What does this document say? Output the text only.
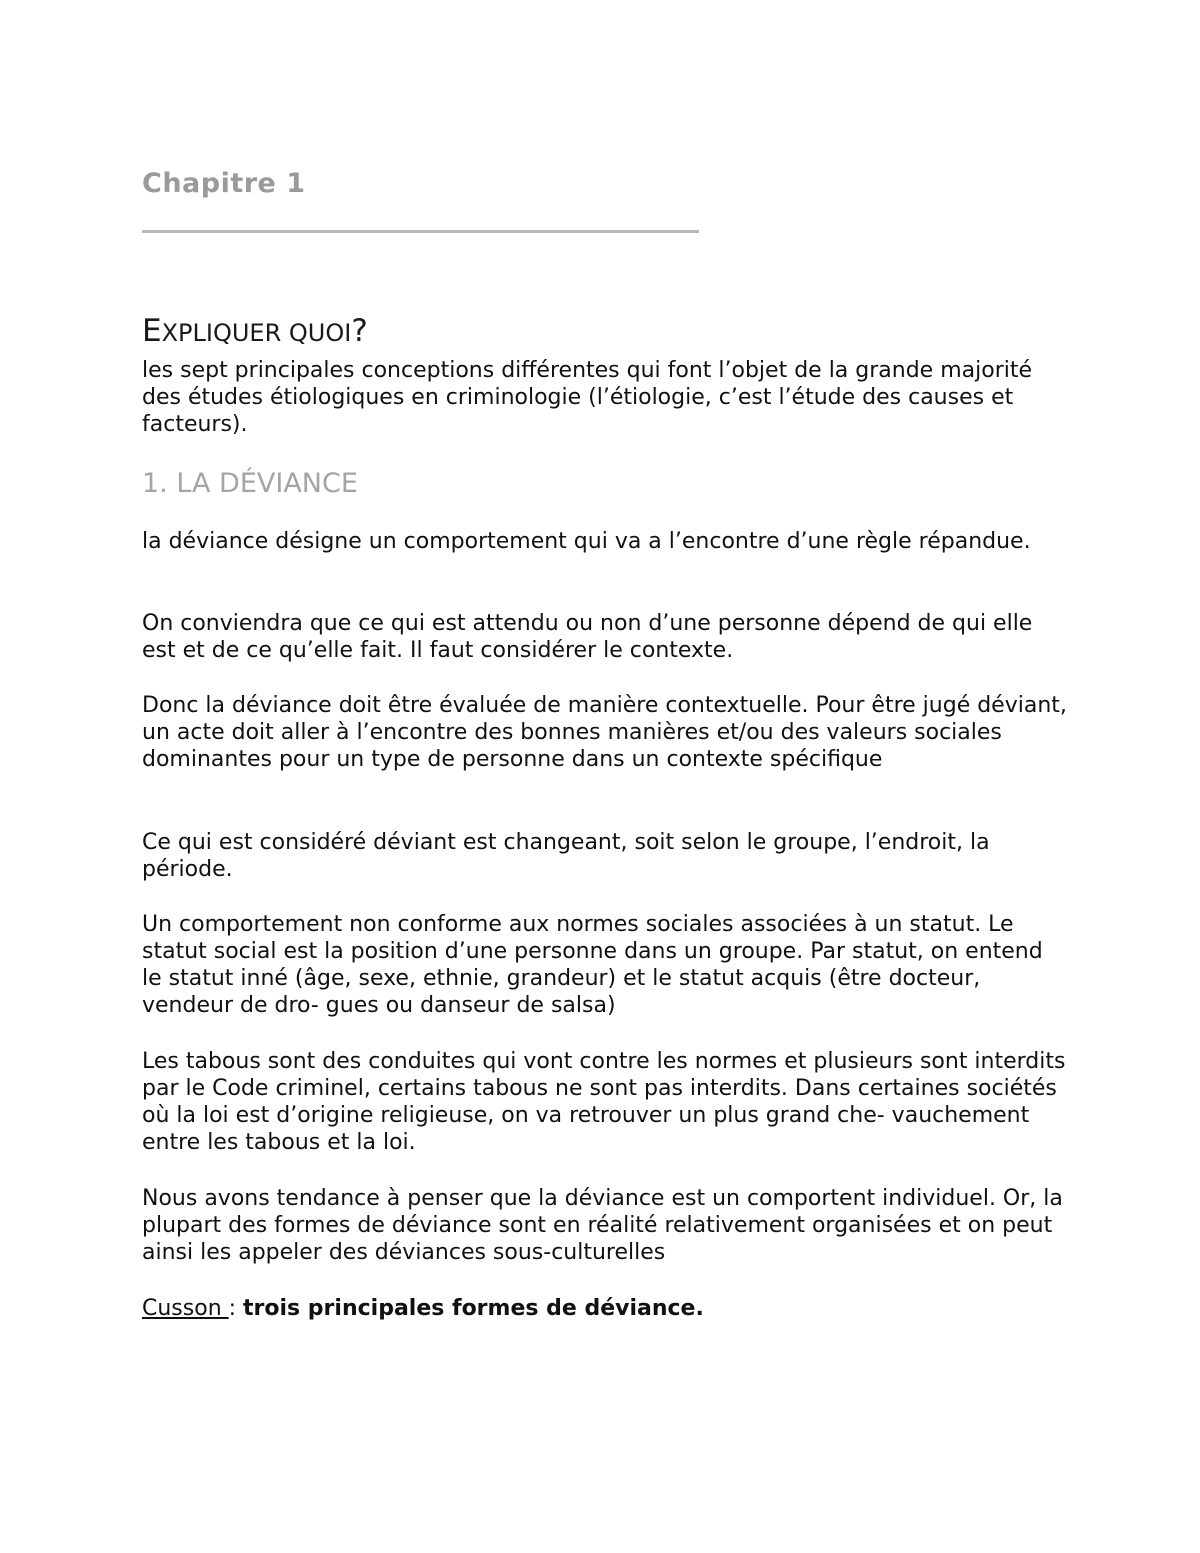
Chapitre 1
EXPLIQUER QUOI?

les sept principales conceptions différentes qui font l’objet de la grande majorité des études étiologiques en criminologie (l’étiologie, c’est l’étude des causes et facteurs).

1. LA DÉVIANCE

la déviance désigne un comportement qui va a l’encontre d’une règle répandue.

On conviendra que ce qui est attendu ou non d’une personne dépend de qui elle est et de ce qu’elle fait. Il faut considérer le contexte.

Donc la déviance doit être évaluée de manière contextuelle. Pour être jugé déviant, un acte doit aller à l’encontre des bonnes manières et/ou des valeurs sociales dominantes pour un type de personne dans un contexte spécifique

Ce qui est considéré déviant est changeant, soit selon le groupe, l’endroit, la période.

Un comportement non conforme aux normes sociales associées à un statut. Le statut social est la position d’une personne dans un groupe. Par statut, on entend le statut inné (âge, sexe, ethnie, grandeur) et le statut acquis (être docteur, vendeur de dro- gues ou danseur de salsa)

Les tabous sont des conduites qui vont contre les normes et plusieurs sont interdits par le Code criminel, certains tabous ne sont pas interdits. Dans certaines sociétés où la loi est d’origine religieuse, on va retrouver un plus grand che- vauchement entre les tabous et la loi.

Nous avons tendance à penser que la déviance est un comportent individuel. Or, la plupart des formes de déviance sont en réalité relativement organisées et on peut ainsi les appeler des déviances sous-culturelles

Cusson : trois principales formes de déviance.
